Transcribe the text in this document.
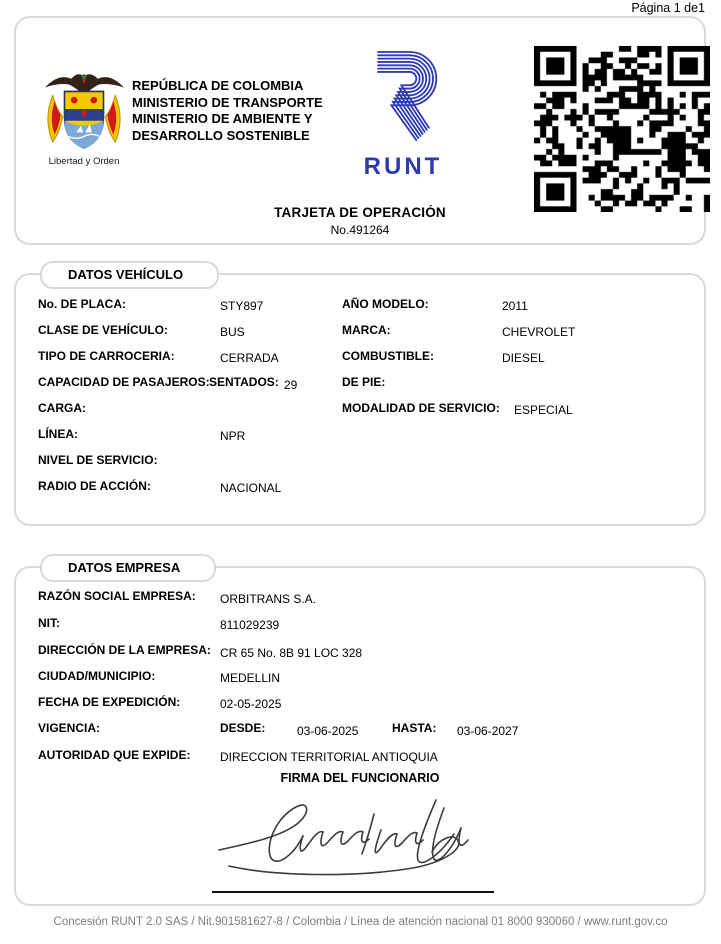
Página 1 de1
Libertad y Orden
REPÚBLICA DE COLOMBIA
MINISTERIO DE TRANSPORTE
MINISTERIO DE AMBIENTE Y
DESARROLLO SOSTENIBLE
RUNT
TARJETA DE OPERACIÓN
No.491264
DATOS VEHÍCULO
No. DE PLACA:	STY897	AÑO MODELO:	2011
CLASE DE VEHÍCULO:	BUS	MARCA:	CHEVROLET
TIPO DE CARROCERIA:	CERRADA	COMBUSTIBLE:	DIESEL
CAPACIDAD DE PASAJEROS: SENTADOS: 29	DE PIE:
CARGA:	MODALIDAD DE SERVICIO: ESPECIAL
LÍNEA:	NPR
NIVEL DE SERVICIO:
RADIO DE ACCIÓN:	NACIONAL
DATOS EMPRESA
RAZÓN SOCIAL EMPRESA: ORBITRANS S.A.
NIT:	811029239
DIRECCIÓN DE LA EMPRESA: CR 65 No. 8B 91 LOC 328
CIUDAD/MUNICIPIO:	MEDELLIN
FECHA DE EXPEDICIÓN:	02-05-2025
VIGENCIA:	DESDE:	03-06-2025	HASTA: 03-06-2027
AUTORIDAD QUE EXPIDE: DIRECCION TERRITORIAL ANTIOQUIA
FIRMA DEL FUNCIONARIO
Concesión RUNT 2.0 SAS / Nit.901581627-8 / Colombia / Línea de atención nacional 01 8000 930060 / www.runt.gov.co
